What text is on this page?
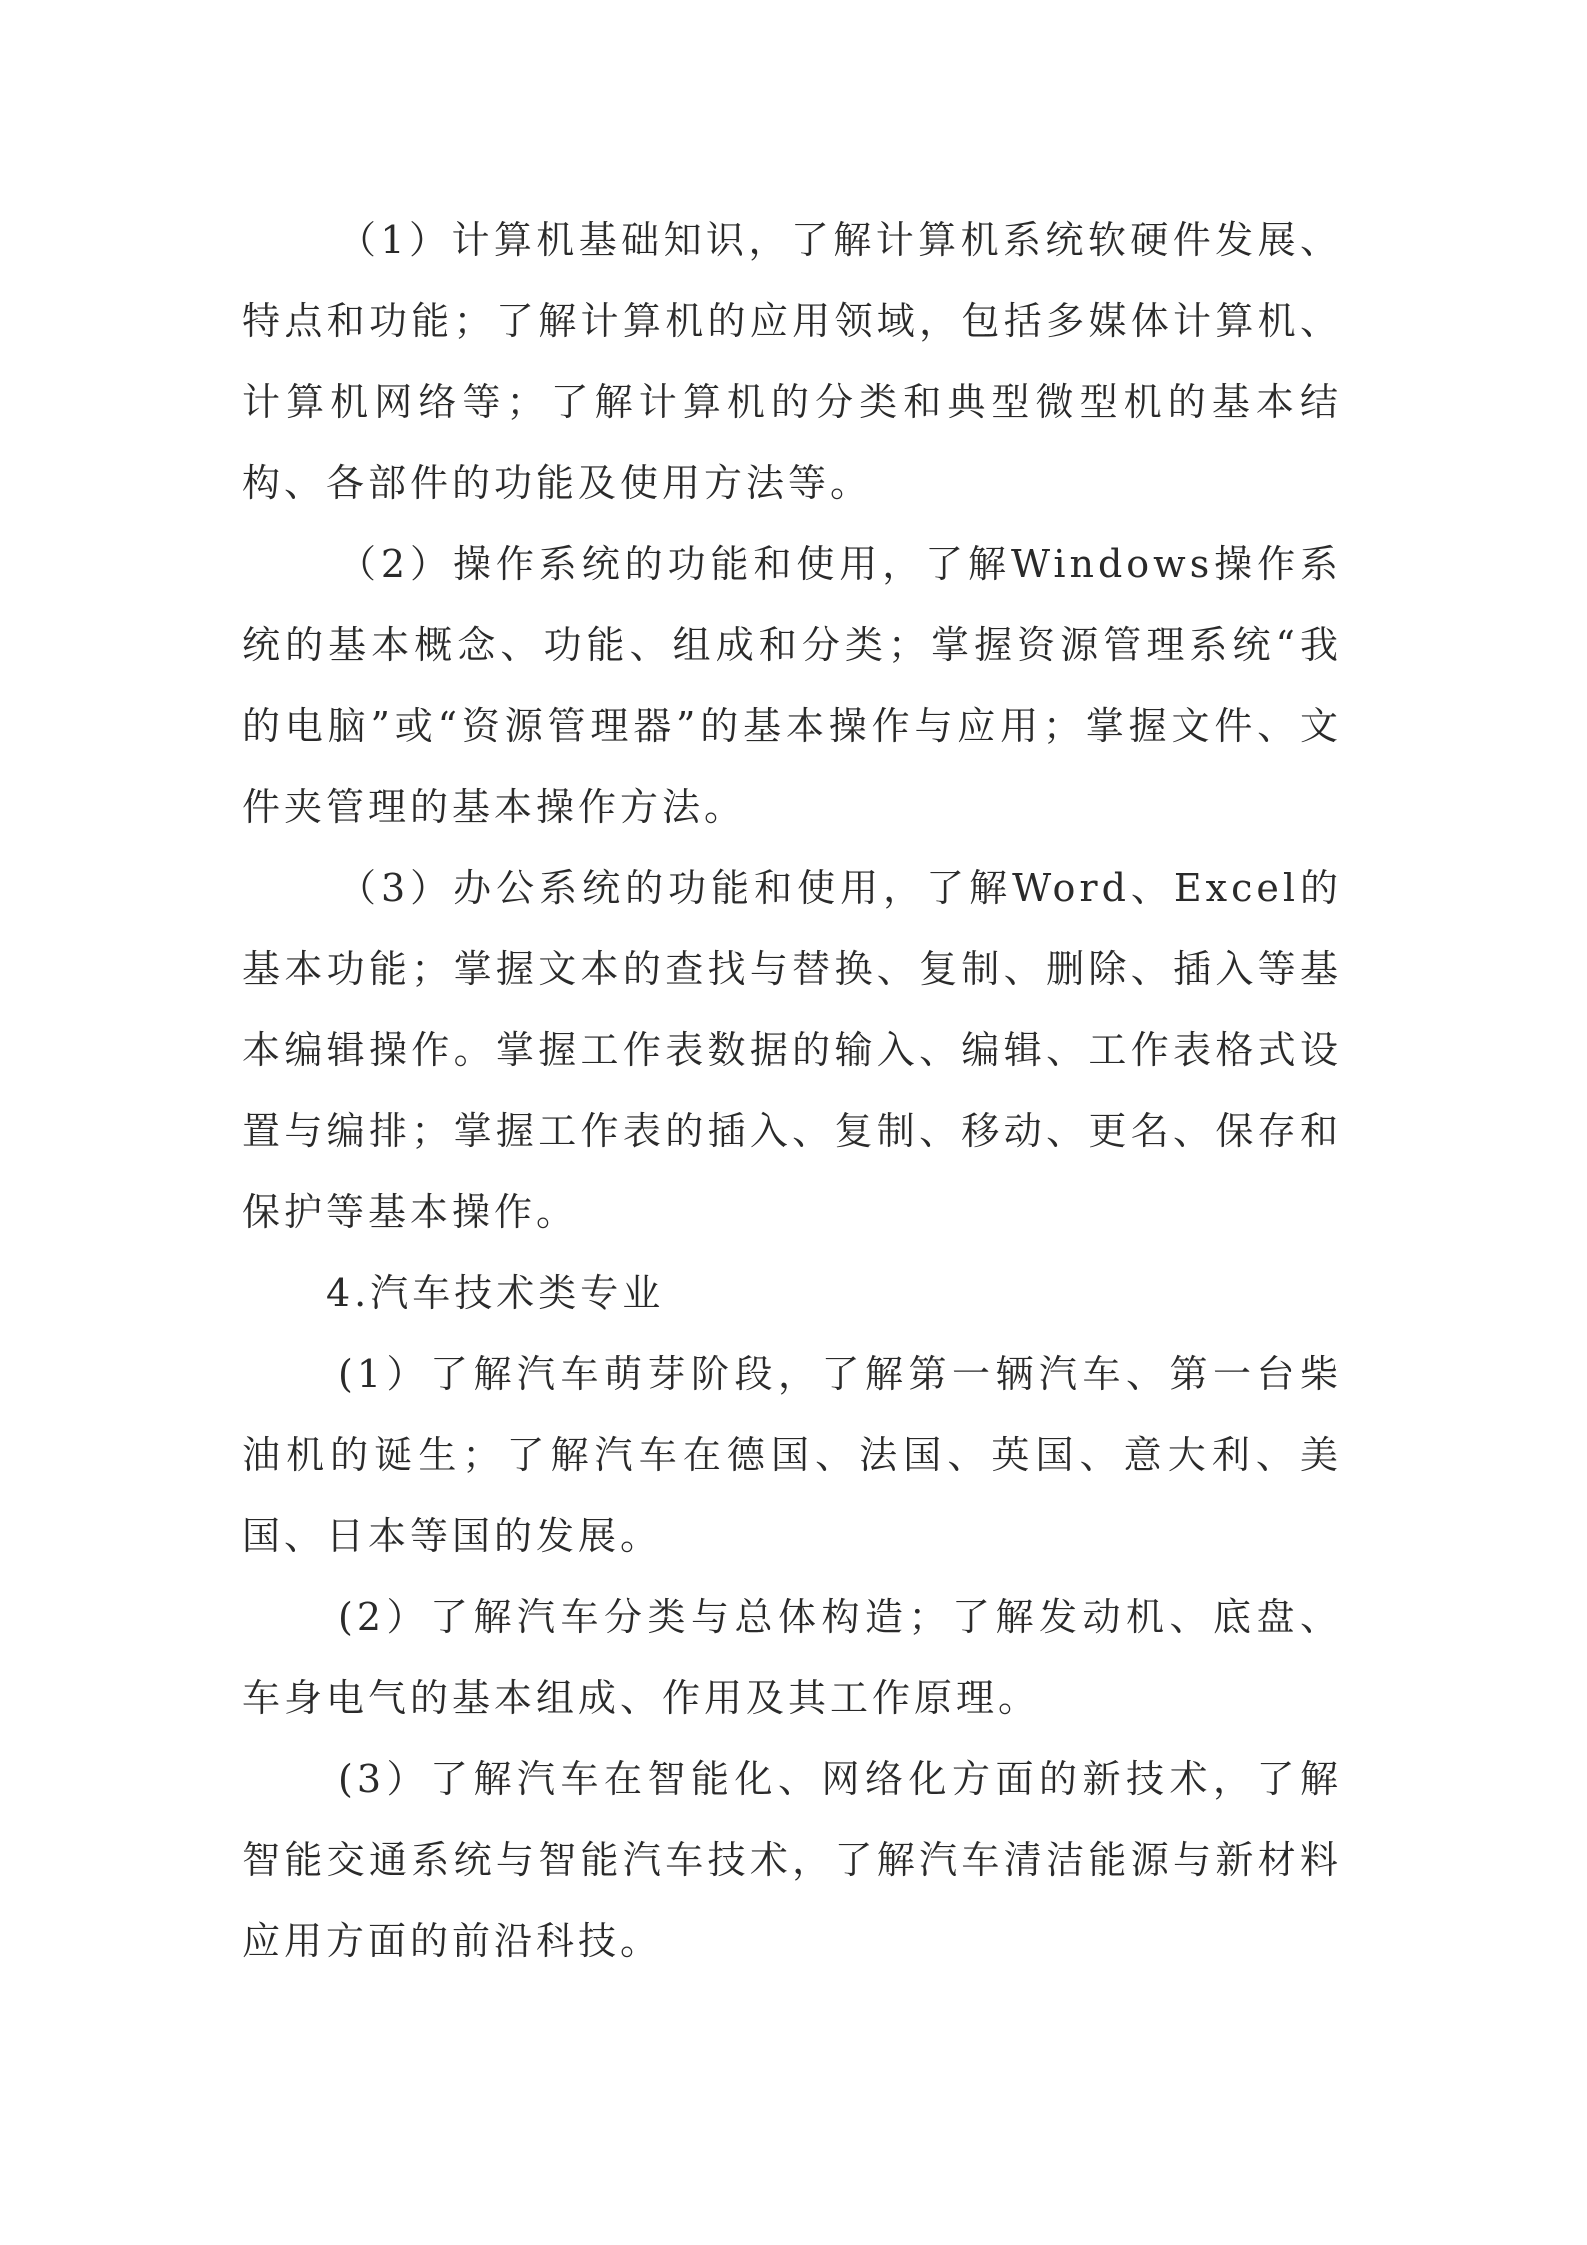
（1）计算机基础知识，了解计算机系统软硬件发展、特点和功能；了解计算机的应用领域，包括多媒体计算机、计算机网络等；了解计算机的分类和典型微型机的基本结构、各部件的功能及使用方法等。

（2）操作系统的功能和使用，了解Windows操作系统的基本概念、功能、组成和分类；掌握资源管理系统“我的电脑”或“资源管理器”的基本操作与应用；掌握文件、文件夹管理的基本操作方法。

（3）办公系统的功能和使用，了解Word、Excel的基本功能；掌握文本的查找与替换、复制、删除、插入等基本编辑操作。掌握工作表数据的输入、编辑、工作表格式设置与编排；掌握工作表的插入、复制、移动、更名、保存和保护等基本操作。

4.汽车技术类专业

(1）了解汽车萌芽阶段，了解第一辆汽车、第一台柴油机的诞生；了解汽车在德国、法国、英国、意大利、美国、日本等国的发展。

(2）了解汽车分类与总体构造；了解发动机、底盘、车身电气的基本组成、作用及其工作原理。

(3）了解汽车在智能化、网络化方面的新技术，了解智能交通系统与智能汽车技术，了解汽车清洁能源与新材料应用方面的前沿科技。
